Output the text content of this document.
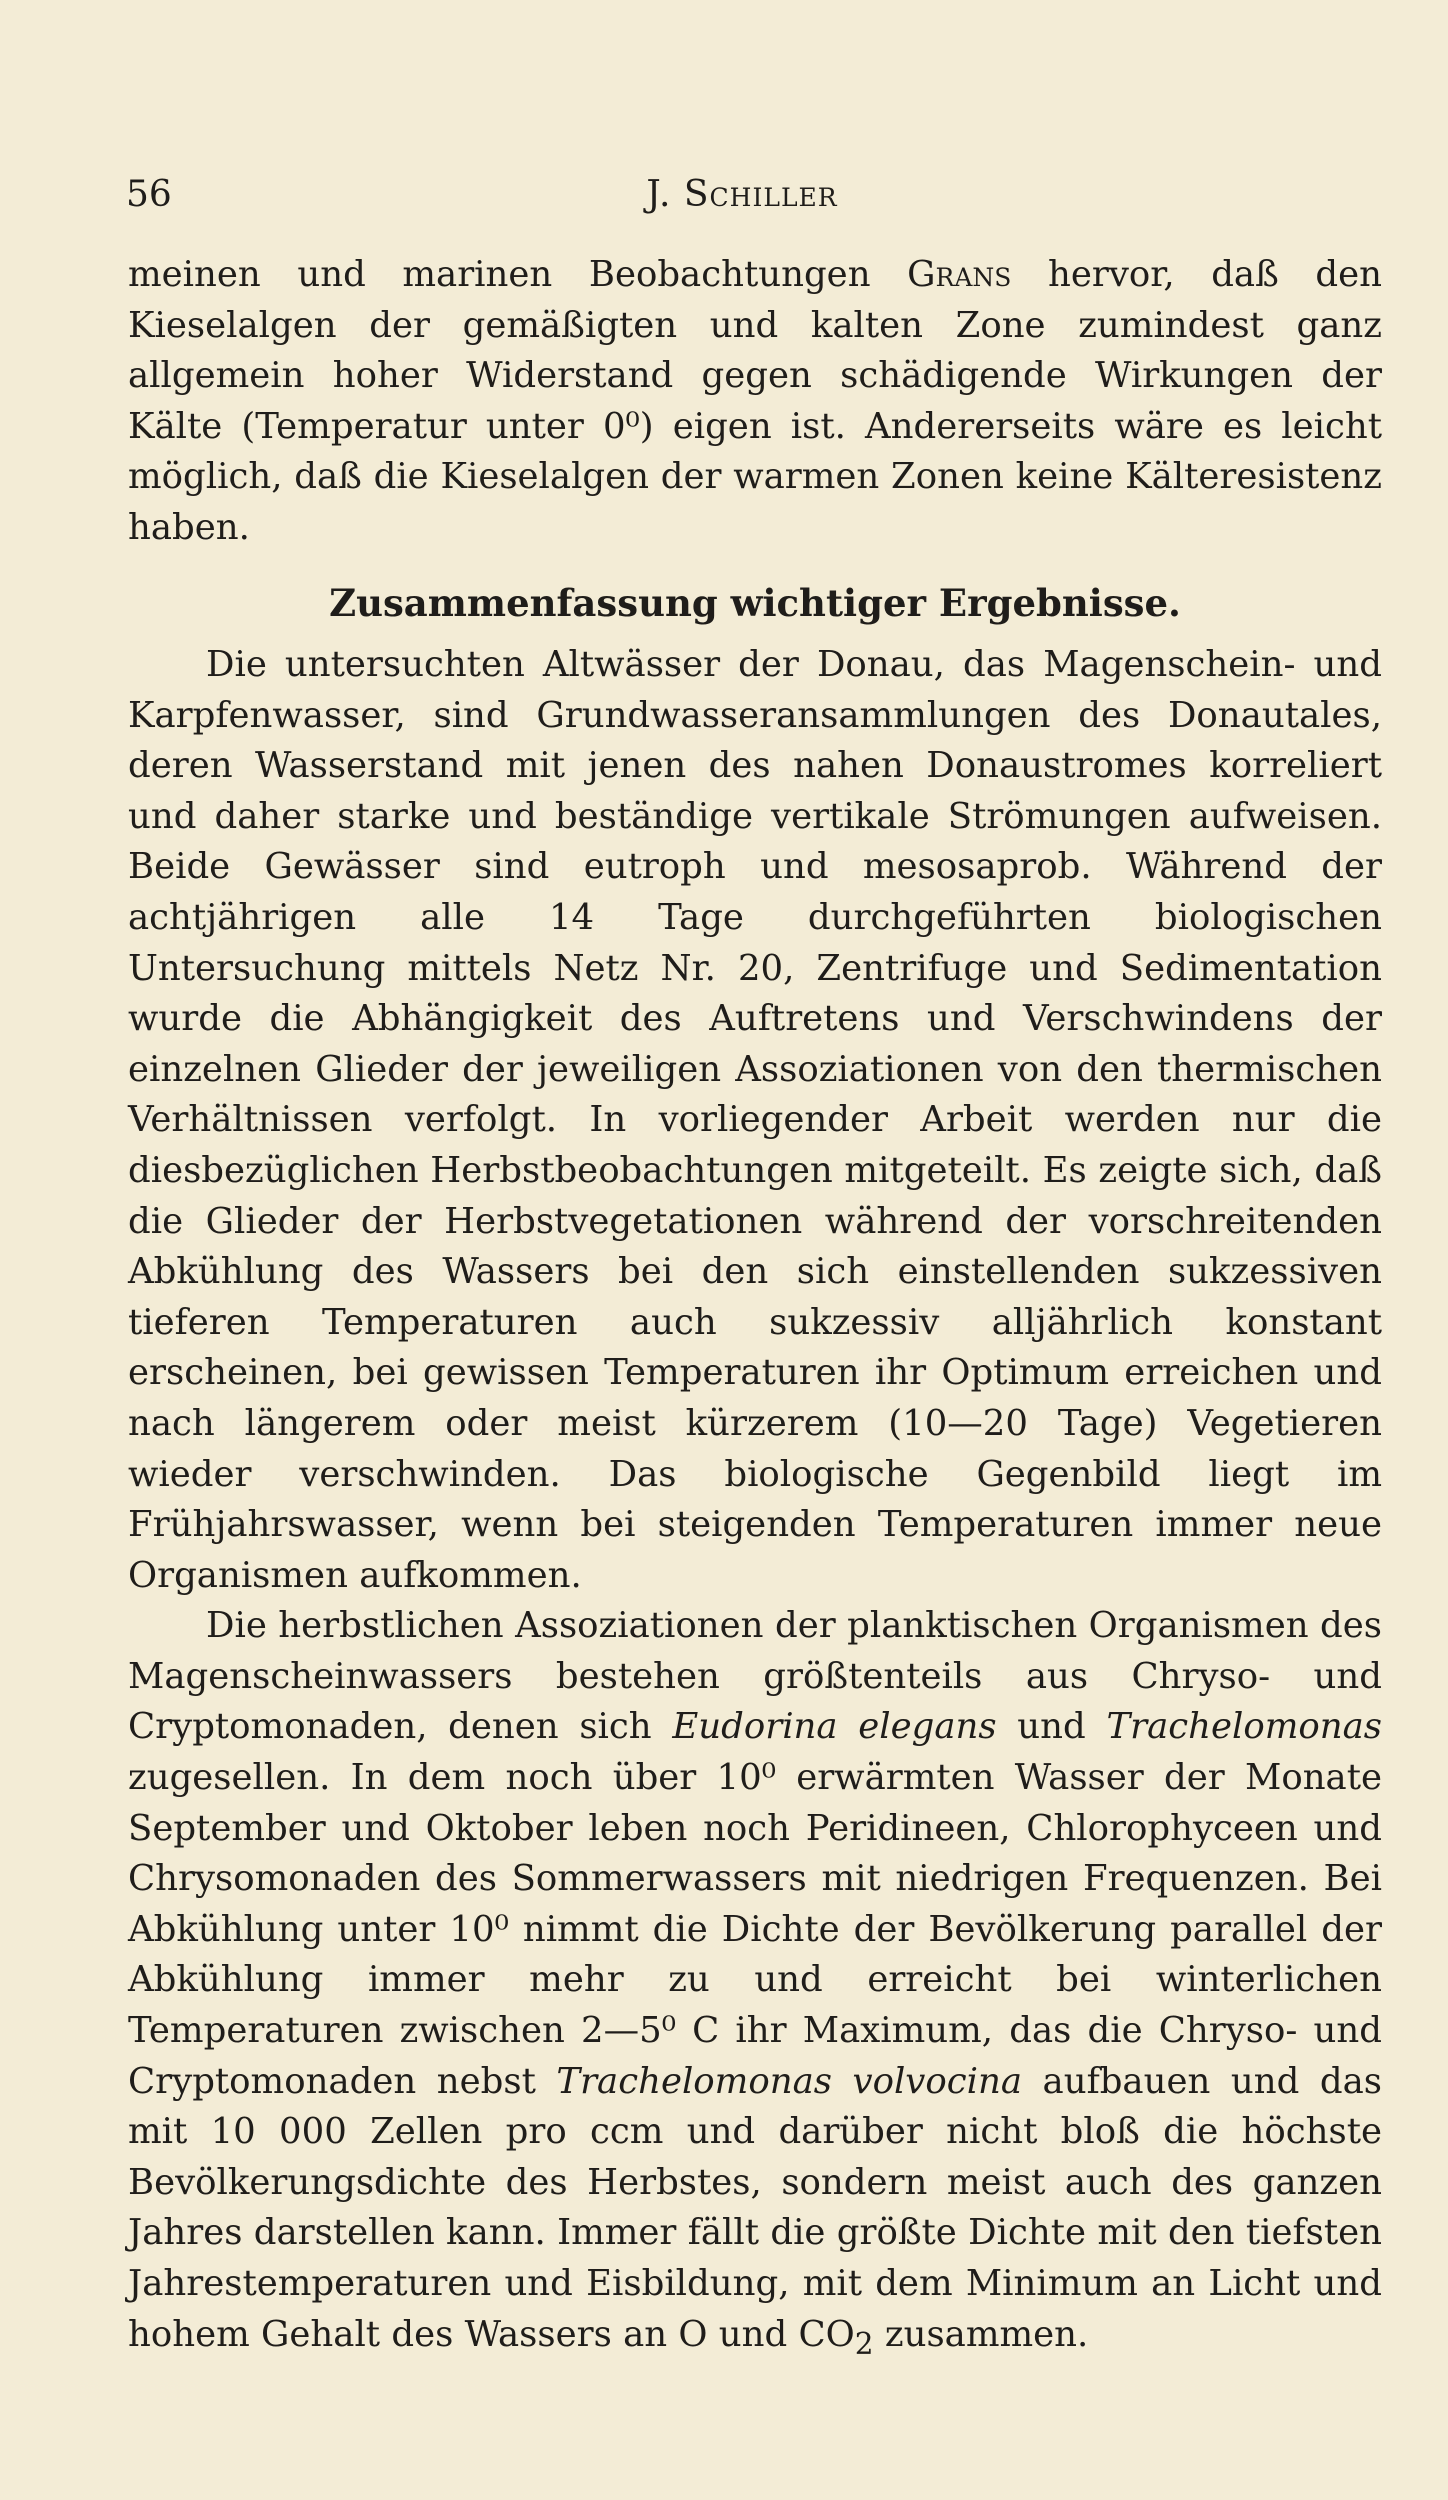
56	J. Schiller

meinen und marinen Beobachtungen Grans hervor, daß den Kieselalgen der gemäßigten und kalten Zone zumindest ganz allgemein hoher Widerstand gegen schädigende Wirkungen der Kälte (Temperatur unter 0⁰) eigen ist. Andererseits wäre es leicht möglich, daß die Kieselalgen der warmen Zonen keine Kälteresistenz haben.

Zusammenfassung wichtiger Ergebnisse.

Die untersuchten Altwässer der Donau, das Magenschein- und Karpfenwasser, sind Grundwasseransammlungen des Donautales, deren Wasserstand mit jenen des nahen Donaustromes korreliert und daher starke und beständige vertikale Strömungen aufweisen. Beide Gewässer sind eutroph und mesosaprob. Während der achtjährigen alle 14 Tage durchgeführten biologischen Untersuchung mittels Netz Nr. 20, Zentrifuge und Sedimentation wurde die Abhängigkeit des Auftretens und Verschwindens der einzelnen Glieder der jeweiligen Assoziationen von den thermischen Verhältnissen verfolgt. In vorliegender Arbeit werden nur die diesbezüglichen Herbstbeobachtungen mitgeteilt. Es zeigte sich, daß die Glieder der Herbstvegetationen während der vorschreitenden Abkühlung des Wassers bei den sich einstellenden sukzessiven tieferen Temperaturen auch sukzessiv alljährlich konstant erscheinen, bei gewissen Temperaturen ihr Optimum erreichen und nach längerem oder meist kürzerem (10—20 Tage) Vegetieren wieder verschwinden. Das biologische Gegenbild liegt im Frühjahrswasser, wenn bei steigenden Temperaturen immer neue Organismen aufkommen.

Die herbstlichen Assoziationen der planktischen Organismen des Magenscheinwassers bestehen größtenteils aus Chryso- und Cryptomonaden, denen sich Eudorina elegans und Trachelomonas zugesellen. In dem noch über 10⁰ erwärmten Wasser der Monate September und Oktober leben noch Peridineen, Chlorophyceen und Chrysomonaden des Sommerwassers mit niedrigen Frequenzen. Bei Abkühlung unter 10⁰ nimmt die Dichte der Bevölkerung parallel der Abkühlung immer mehr zu und erreicht bei winterlichen Temperaturen zwischen 2—5⁰ C ihr Maximum, das die Chryso- und Cryptomonaden nebst Trachelomonas volvocina aufbauen und das mit 10 000 Zellen pro ccm und darüber nicht bloß die höchste Bevölkerungsdichte des Herbstes, sondern meist auch des ganzen Jahres darstellen kann. Immer fällt die größte Dichte mit den tiefsten Jahrestemperaturen und Eisbildung, mit dem Minimum an Licht und hohem Gehalt des Wassers an O und $CO_2$ zusammen.
